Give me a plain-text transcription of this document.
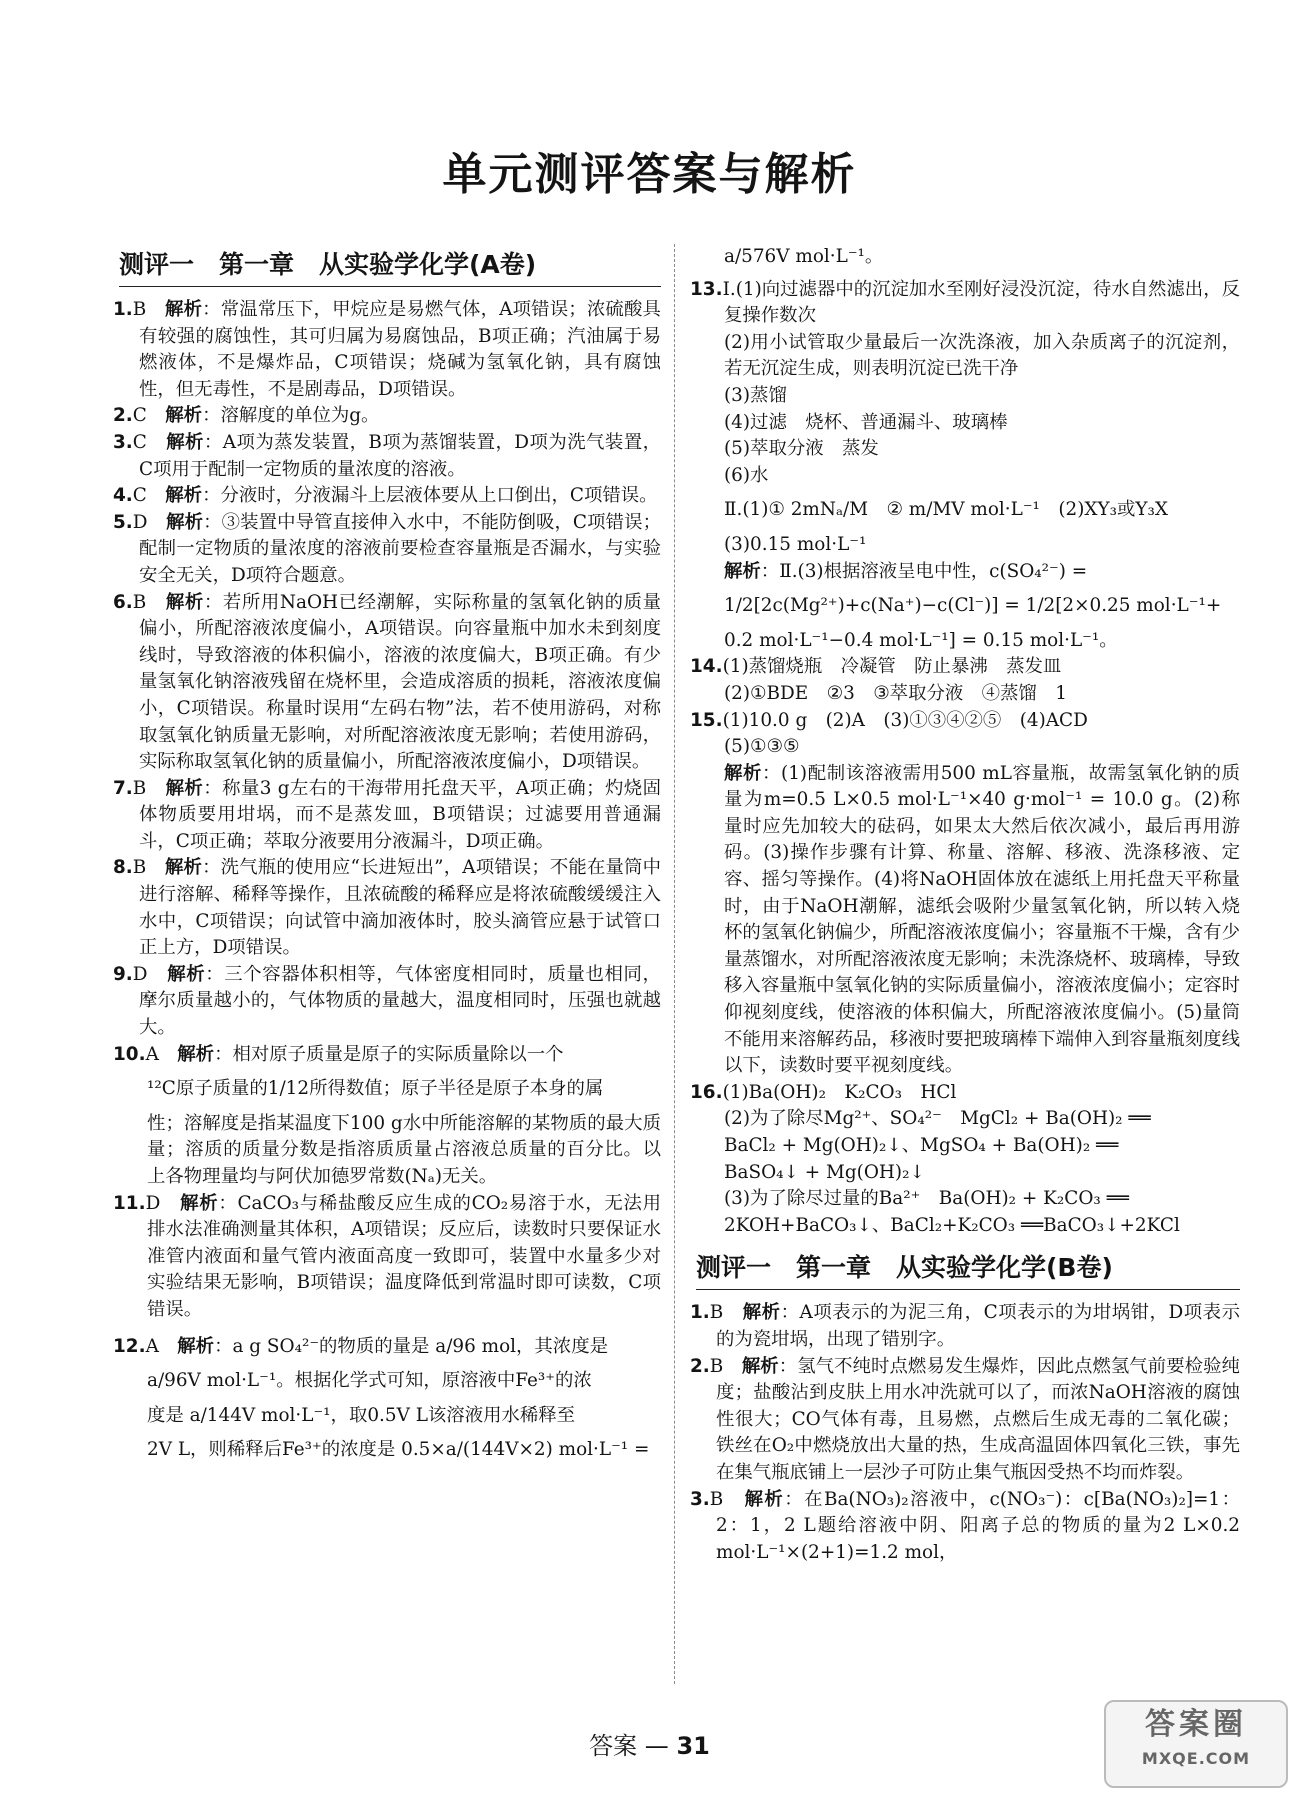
单元测评答案与解析
测评一　第一章　从实验学化学(A卷)

1.B　 解析：常温常压下，甲烷应是易燃气体，A项错误；浓硫酸具有较强的腐蚀性，其可归属为易腐蚀品，B项正确；汽油属于易燃液体，不是爆炸品，C项错误；烧碱为氢氧化钠，具有腐蚀性，但无毒性，不是剧毒品，D项错误。

2.C　 解析：溶解度的单位为g。

3.C　 解析：A项为蒸发装置，B项为蒸馏装置，D项为洗气装置，C项用于配制一定物质的量浓度的溶液。

4.C　 解析：分液时，分液漏斗上层液体要从上口倒出，C项错误。

5.D　 解析：③装置中导管直接伸入水中，不能防倒吸，C项错误；配制一定物质的量浓度的溶液前要检查容量瓶是否漏水，与实验安全无关，D项符合题意。

6.B　 解析：若所用NaOH已经潮解，实际称量的氢氧化钠的质量偏小，所配溶液浓度偏小，A项错误。向容量瓶中加水未到刻度线时，导致溶液的体积偏小，溶液的浓度偏大，B项正确。有少量氢氧化钠溶液残留在烧杯里，会造成溶质的损耗，溶液浓度偏小，C项错误。称量时误用“左码右物”法，若不使用游码，对称取氢氧化钠质量无影响，对所配溶液浓度无影响；若使用游码，实际称取氢氧化钠的质量偏小，所配溶液浓度偏小，D项错误。

7.B　 解析：称量3 g左右的干海带用托盘天平，A项正确；灼烧固体物质要用坩埚，而不是蒸发皿，B项错误；过滤要用普通漏斗，C项正确；萃取分液要用分液漏斗，D项正确。

8.B　 解析：洗气瓶的使用应“长进短出”，A项错误；不能在量筒中进行溶解、稀释等操作，且浓硫酸的稀释应是将浓硫酸缓缓注入水中，C项错误；向试管中滴加液体时，胶头滴管应悬于试管口正上方，D项错误。

9.D　 解析：三个容器体积相等，气体密度相同时，质量也相同，摩尔质量越小的，气体物质的量越大，温度相同时，压强也就越大。

10.A　 解析：相对原子质量是原子的实际质量除以一个

¹²C原子质量的1/12所得数值；原子半径是原子本身的属

性；溶解度是指某温度下100 g水中所能溶解的某物质的最大质量；溶质的质量分数是指溶质质量占溶液总质量的百分比。以上各物理量均与阿伏加德罗常数(Nₐ)无关。

11.D　 解析：CaCO₃与稀盐酸反应生成的CO₂易溶于水，无法用排水法准确测量其体积，A项错误；反应后，读数时只要保证水准管内液面和量气管内液面高度一致即可，装置中水量多少对实验结果无影响，B项错误；温度降低到常温时即可读数，C项错误。

12.A　 解析：a g SO₄²⁻的物质的量是 a/96 mol，其浓度是

a/96V mol·L⁻¹。根据化学式可知，原溶液中Fe³⁺的浓

度是 a/144V mol·L⁻¹，取0.5V L该溶液用水稀释至

2V L，则稀释后Fe³⁺的浓度是 0.5×a/(144V×2) mol·L⁻¹ =

a/576V mol·L⁻¹。

13.Ⅰ.(1)向过滤器中的沉淀加水至刚好浸没沉淀，待水自然滤出，反复操作数次

(2)用小试管取少量最后一次洗涤液，加入杂质离子的沉淀剂，若无沉淀生成，则表明沉淀已洗干净

(3)蒸馏

(4)过滤　烧杯、普通漏斗、玻璃棒

(5)萃取分液　蒸发

(6)水

Ⅱ.(1)① 2mNₐ/M　② m/MV mol·L⁻¹　(2)XY₃或Y₃X

(3)0.15 mol·L⁻¹

解析：Ⅱ.(3)根据溶液呈电中性，c(SO₄²⁻) =

1/2[2c(Mg²⁺)+c(Na⁺)−c(Cl⁻)] = 1/2[2×0.25 mol·L⁻¹+

0.2 mol·L⁻¹−0.4 mol·L⁻¹] = 0.15 mol·L⁻¹。

14.(1)蒸馏烧瓶　冷凝管　防止暴沸　蒸发皿

(2)①BDE　②3　③萃取分液　④蒸馏　1

15.(1)10.0 g　(2)A　(3)①③④②⑤　(4)ACD

(5)①③⑤

解析：(1)配制该溶液需用500 mL容量瓶，故需氢氧化钠的质量为m=0.5 L×0.5 mol·L⁻¹×40 g·mol⁻¹ = 10.0 g。(2)称量时应先加较大的砝码，如果太大然后依次减小，最后再用游码。(3)操作步骤有计算、称量、溶解、移液、洗涤移液、定容、摇匀等操作。(4)将NaOH固体放在滤纸上用托盘天平称量时，由于NaOH潮解，滤纸会吸附少量氢氧化钠，所以转入烧杯的氢氧化钠偏少，所配溶液浓度偏小；容量瓶不干燥，含有少量蒸馏水，对所配溶液浓度无影响；未洗涤烧杯、玻璃棒，导致移入容量瓶中氢氧化钠的实际质量偏小，溶液浓度偏小；定容时仰视刻度线，使溶液的体积偏大，所配溶液浓度偏小。(5)量筒不能用来溶解药品，移液时要把玻璃棒下端伸入到容量瓶刻度线以下，读数时要平视刻度线。

16.(1)Ba(OH)₂　K₂CO₃　HCl

(2)为了除尽Mg²⁺、SO₄²⁻　MgCl₂ + Ba(OH)₂ ══

BaCl₂ + Mg(OH)₂↓、MgSO₄ + Ba(OH)₂ ══

BaSO₄↓ + Mg(OH)₂↓

(3)为了除尽过量的Ba²⁺　Ba(OH)₂ + K₂CO₃ ══

2KOH+BaCO₃↓、BaCl₂+K₂CO₃ ══BaCO₃↓+2KCl

测评一　第一章　从实验学化学(B卷)

1.B　 解析：A项表示的为泥三角，C项表示的为坩埚钳，D项表示的为瓷坩埚，出现了错别字。

2.B　 解析：氢气不纯时点燃易发生爆炸，因此点燃氢气前要检验纯度；盐酸沾到皮肤上用水冲洗就可以了，而浓NaOH溶液的腐蚀性很大；CO气体有毒，且易燃，点燃后生成无毒的二氧化碳；铁丝在O₂中燃烧放出大量的热，生成高温固体四氧化三铁，事先在集气瓶底铺上一层沙子可防止集气瓶因受热不均而炸裂。

3.B　 解析：在Ba(NO₃)₂溶液中，c(NO₃⁻)：c[Ba(NO₃)₂]=1：2：1，2 L题给溶液中阴、阳离子总的物质的量为2 L×0.2 mol·L⁻¹×(2+1)=1.2 mol，

答案 — 31
答案圈
MXQE.COM
